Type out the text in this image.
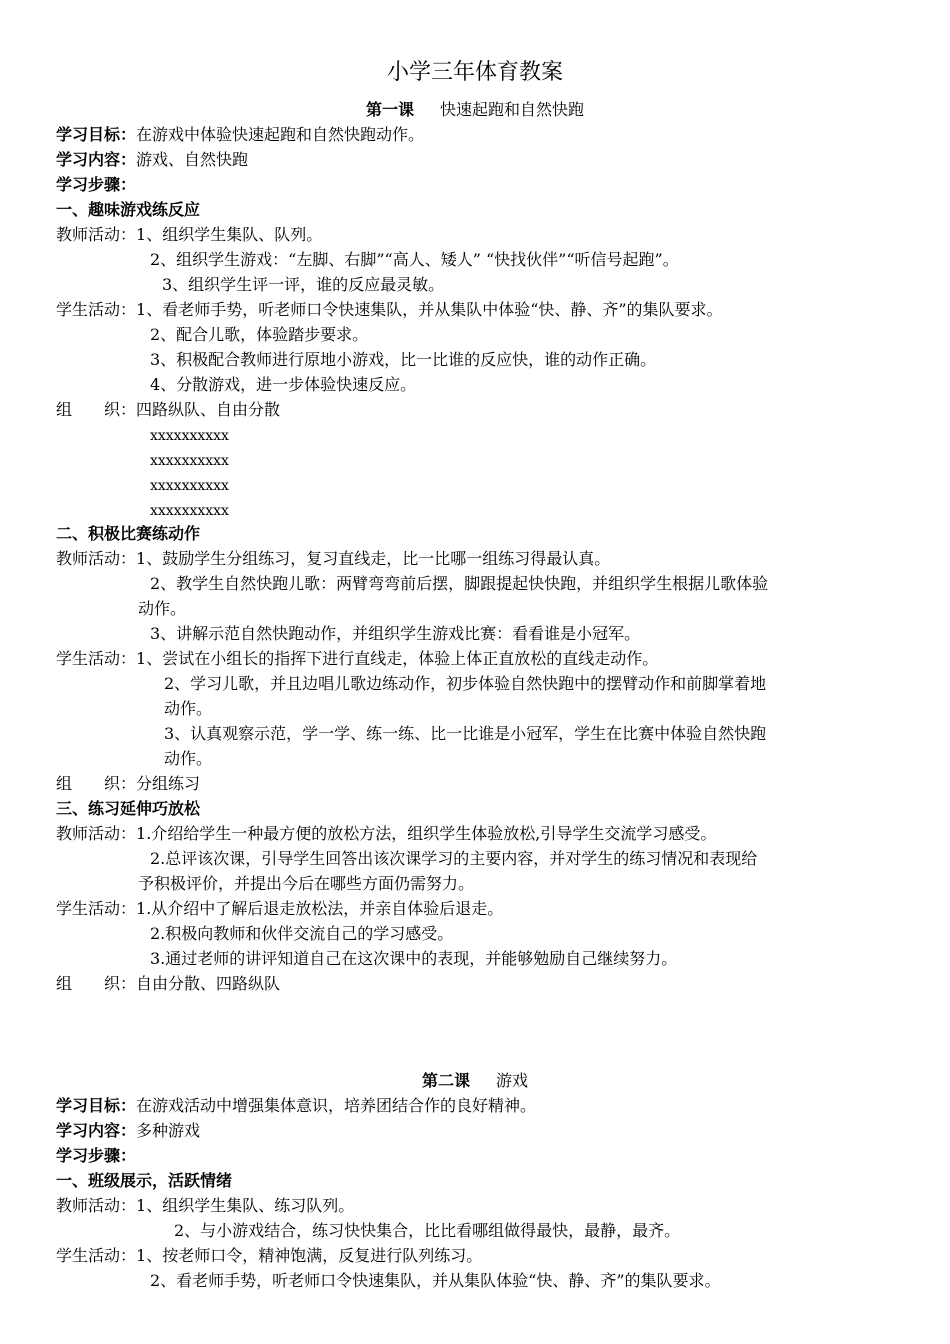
小学三年体育教案
第一课 快速起跑和自然快跑
学习目标：在游戏中体验快速起跑和自然快跑动作。
学习内容：游戏、自然快跑
学习步骤：
一、趣味游戏练反应
教师活动：1、组织学生集队、队列。
2、组织学生游戏：“左脚、右脚”“高人、矮人” “快找伙伴”“听信号起跑”。
3、组织学生评一评，谁的反应最灵敏。
学生活动：1、看老师手势，听老师口令快速集队，并从集队中体验“快、静、齐”的集队要求。
2、配合儿歌，体验踏步要求。
3、积极配合教师进行原地小游戏，比一比谁的反应快，谁的动作正确。
4、分散游戏，进一步体验快速反应。
组　　织：四路纵队、自由分散
xxxxxxxxxx
xxxxxxxxxx
xxxxxxxxxx
xxxxxxxxxx
二、积极比赛练动作
教师活动：1、鼓励学生分组练习，复习直线走，比一比哪一组练习得最认真。
2、教学生自然快跑儿歌：两臂弯弯前后摆，脚跟提起快快跑，并组织学生根据儿歌体验
动作。
3、讲解示范自然快跑动作，并组织学生游戏比赛：看看谁是小冠军。
学生活动：1、尝试在小组长的指挥下进行直线走，体验上体正直放松的直线走动作。
2、学习儿歌，并且边唱儿歌边练动作，初步体验自然快跑中的摆臂动作和前脚掌着地
动作。
3、认真观察示范，学一学、练一练、比一比谁是小冠军，学生在比赛中体验自然快跑
动作。
组　　织：分组练习
三、练习延伸巧放松
教师活动：1.介绍给学生一种最方便的放松方法，组织学生体验放松,引导学生交流学习感受。
2.总评该次课，引导学生回答出该次课学习的主要内容，并对学生的练习情况和表现给
予积极评价，并提出今后在哪些方面仍需努力。
学生活动：1.从介绍中了解后退走放松法，并亲自体验后退走。
2.积极向教师和伙伴交流自己的学习感受。
3.通过老师的讲评知道自己在这次课中的表现，并能够勉励自己继续努力。
组　　织：自由分散、四路纵队
第二课 游戏
学习目标：在游戏活动中增强集体意识，培养团结合作的良好精神。
学习内容：多种游戏
学习步骤：
一、班级展示，活跃情绪
教师活动：1、组织学生集队、练习队列。
2、与小游戏结合，练习快快集合，比比看哪组做得最快，最静，最齐。
学生活动：1、按老师口令，精神饱满，反复进行队列练习。
2、看老师手势，听老师口令快速集队，并从集队体验“快、静、齐”的集队要求。
